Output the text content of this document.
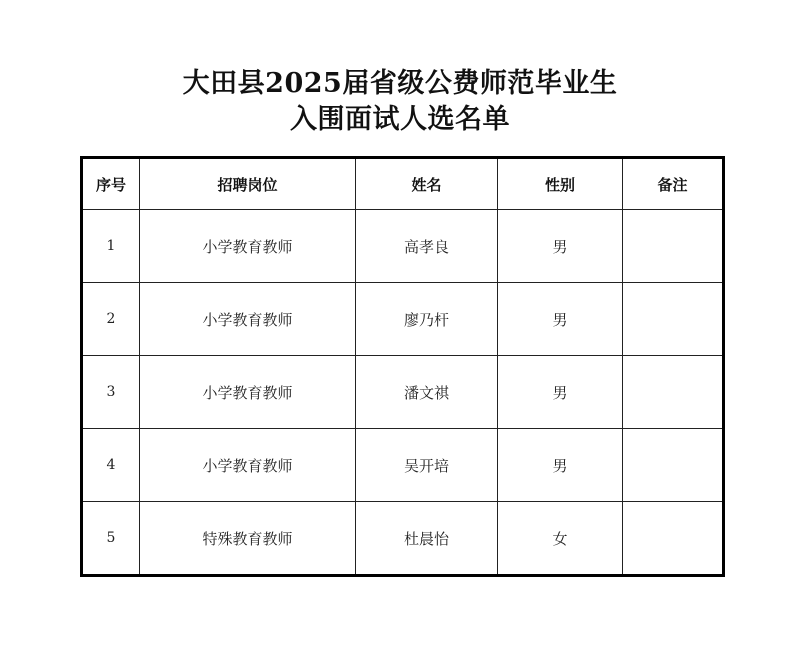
大田县2025届省级公费师范毕业生
入围面试人选名单
序号	招聘岗位	姓名	性别	备注
1	小学教育教师	高孝良	男	
2	小学教育教师	廖乃杆	男	
3	小学教育教师	潘文祺	男	
4	小学教育教师	吴开培	男	
5	特殊教育教师	杜晨怡	女	
